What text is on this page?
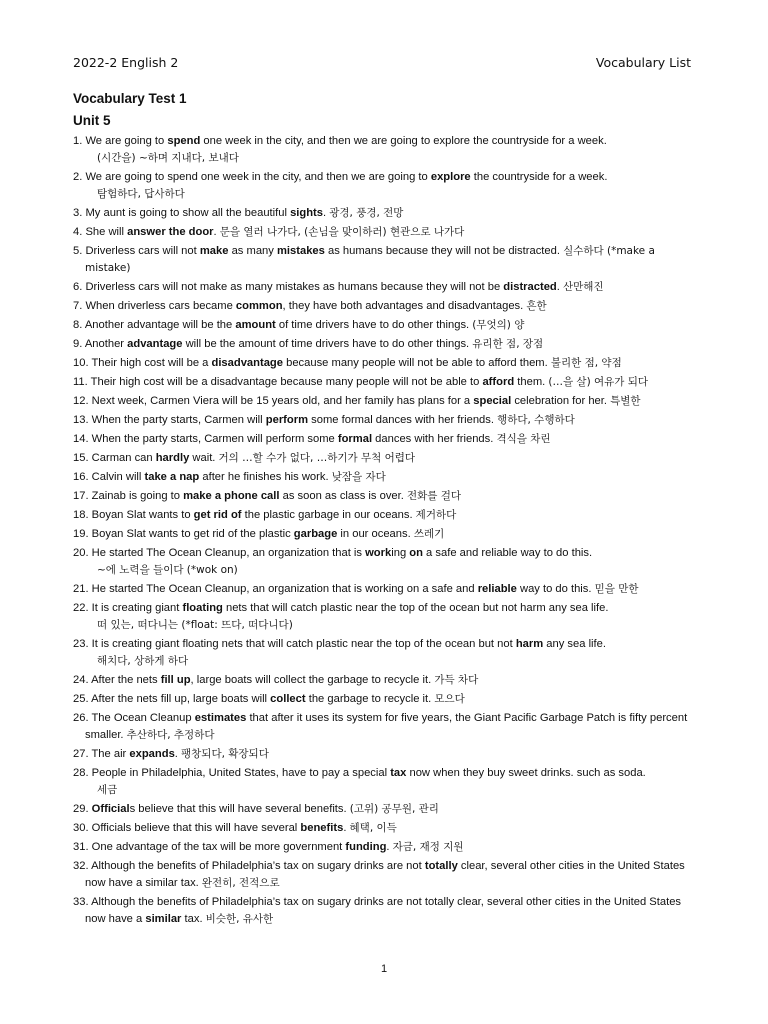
2022-2 English 2	Vocabulary List
Vocabulary Test 1
Unit 5
1. We are going to spend one week in the city, and then we are going to explore the countryside for a week.
(시간을) ~하며 지내다, 보내다
2. We are going to spend one week in the city, and then we are going to explore the countryside for a week.
탐험하다, 답사하다
3. My aunt is going to show all the beautiful sights. 광경, 풍경, 전망
4. She will answer the door. 문을 열러 나가다, (손님을 맞이하러) 현관으로 나가다
5. Driverless cars will not make as many mistakes as humans because they will not be distracted. 실수하다 (*make a mistake)
6. Driverless cars will not make as many mistakes as humans because they will not be distracted. 산만해진
7. When driverless cars became common, they have both advantages and disadvantages. 흔한
8. Another advantage will be the amount of time drivers have to do other things. (무엇의) 양
9. Another advantage will be the amount of time drivers have to do other things. 유리한 점, 장점
10. Their high cost will be a disadvantage because many people will not be able to afford them. 불리한 점, 약점
11. Their high cost will be a disadvantage because many people will not be able to afford them. (…을 살) 여유가 되다
12. Next week, Carmen Viera will be 15 years old, and her family has plans for a special celebration for her. 특별한
13. When the party starts, Carmen will perform some formal dances with her friends. 행하다, 수행하다
14. When the party starts, Carmen will perform some formal dances with her friends. 격식을 차린
15. Carman can hardly wait. 거의 …할 수가 없다, …하기가 무척 어렵다
16. Calvin will take a nap after he finishes his work. 낮잠을 자다
17. Zainab is going to make a phone call as soon as class is over. 전화를 걸다
18. Boyan Slat wants to get rid of the plastic garbage in our oceans. 제거하다
19. Boyan Slat wants to get rid of the plastic garbage in our oceans. 쓰레기
20. He started The Ocean Cleanup, an organization that is working on a safe and reliable way to do this.
~에 노력을 들이다 (*wok on)
21. He started The Ocean Cleanup, an organization that is working on a safe and reliable way to do this. 믿을 만한
22. It is creating giant floating nets that will catch plastic near the top of the ocean but not harm any sea life.
떠 있는, 떠다니는 (*float: 뜨다, 떠다니다)
23. It is creating giant floating nets that will catch plastic near the top of the ocean but not harm any sea life.
해치다, 상하게 하다
24. After the nets fill up, large boats will collect the garbage to recycle it. 가득 차다
25. After the nets fill up, large boats will collect the garbage to recycle it. 모으다
26. The Ocean Cleanup estimates that after it uses its system for five years, the Giant Pacific Garbage Patch is fifty percent smaller. 추산하다, 추정하다
27. The air expands. 팽창되다, 확장되다
28. People in Philadelphia, United States, have to pay a special tax now when they buy sweet drinks. such as soda.
세금
29. Officials believe that this will have several benefits. (고위) 공무원, 관리
30. Officials believe that this will have several benefits. 혜택, 이득
31. One advantage of the tax will be more government funding. 자금, 재정 지원
32. Although the benefits of Philadelphia’s tax on sugary drinks are not totally clear, several other cities in the United States now have a similar tax. 완전히, 전적으로
33. Although the benefits of Philadelphia’s tax on sugary drinks are not totally clear, several other cities in the United States now have a similar tax. 비슷한, 유사한
1
